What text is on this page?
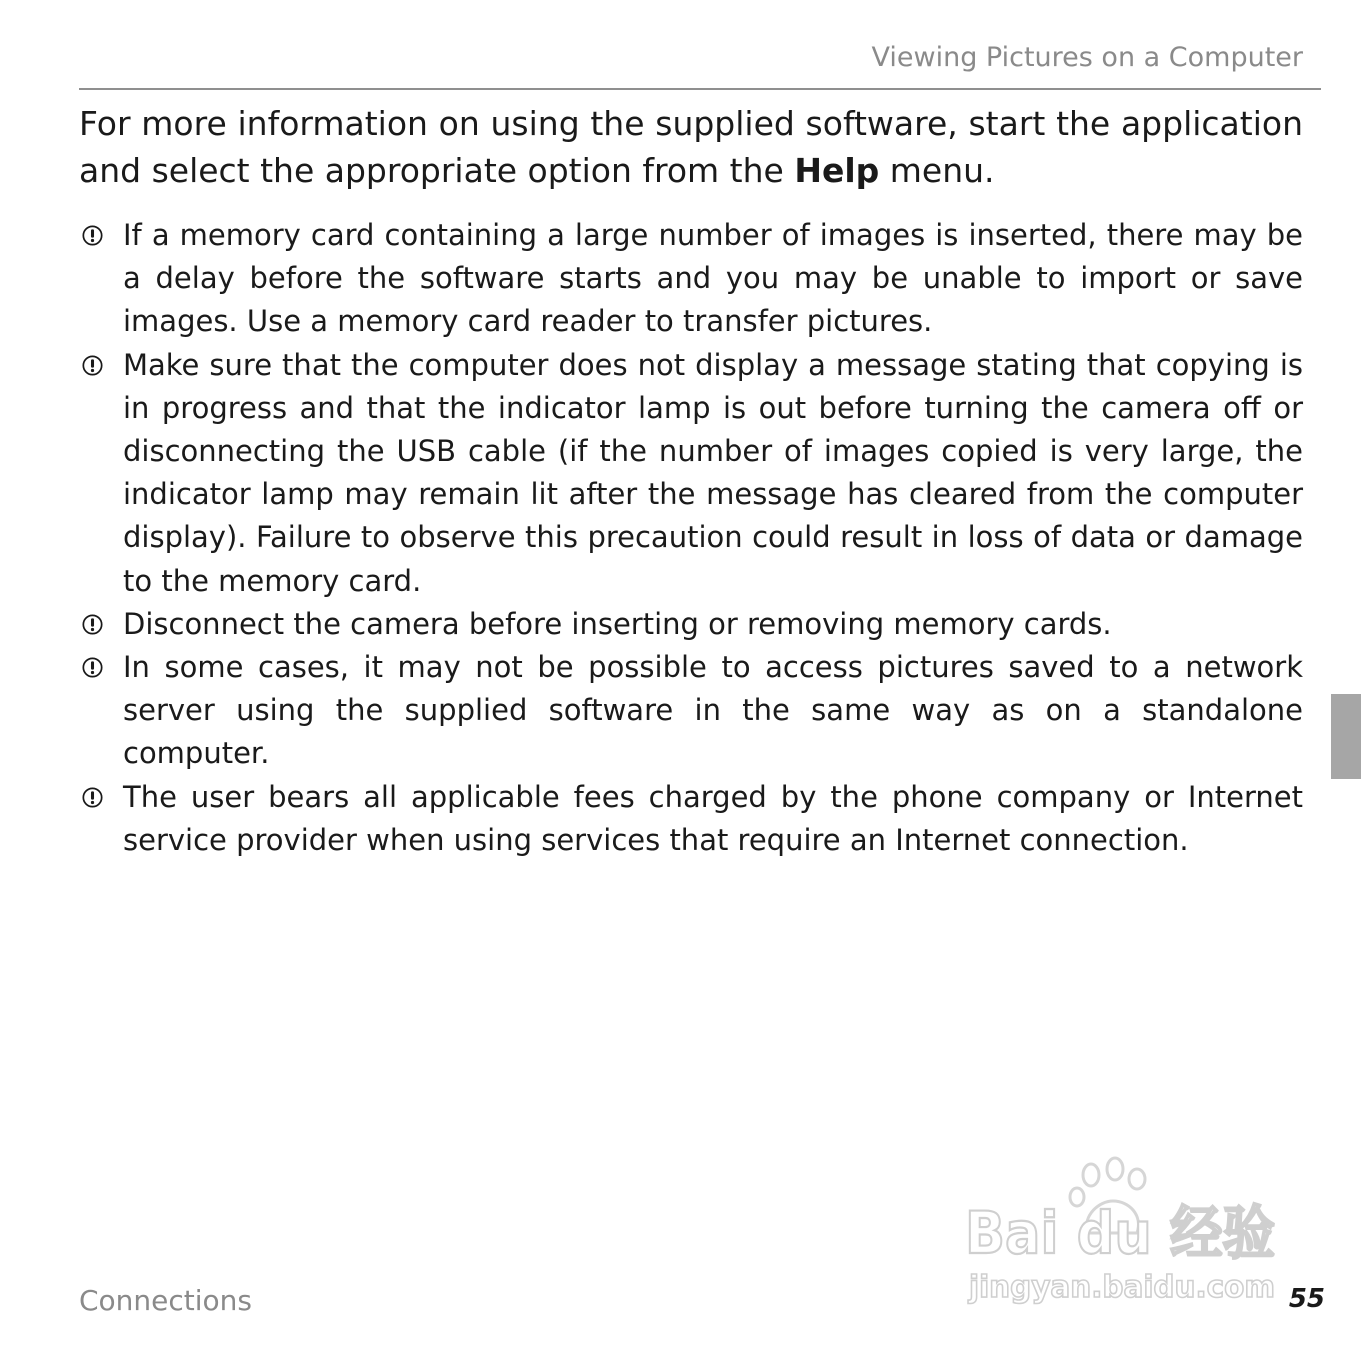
Viewing Pictures on a Computer

For more information on using the supplied software, start the application and select the appropriate option from the Help menu.

If a memory card containing a large number of images is inserted, there may be a delay before the software starts and you may be unable to import or save images. Use a memory card reader to transfer pictures.
Make sure that the computer does not display a message stating that copying is in progress and that the indicator lamp is out before turning the camera off or disconnecting the USB cable (if the number of images copied is very large, the indicator lamp may remain lit after the message has cleared from the computer display). Failure to observe this precaution could result in loss of data or damage to the memory card.
Disconnect the camera before inserting or removing memory cards.
In some cases, it may not be possible to access pictures saved to a network server using the supplied software in the same way as on a standalone computer.
The user bears all applicable fees charged by the phone company or Internet service provider when using services that require an Internet connection.
Bai du 经验
jingyan.baidu.com
Connections	55
